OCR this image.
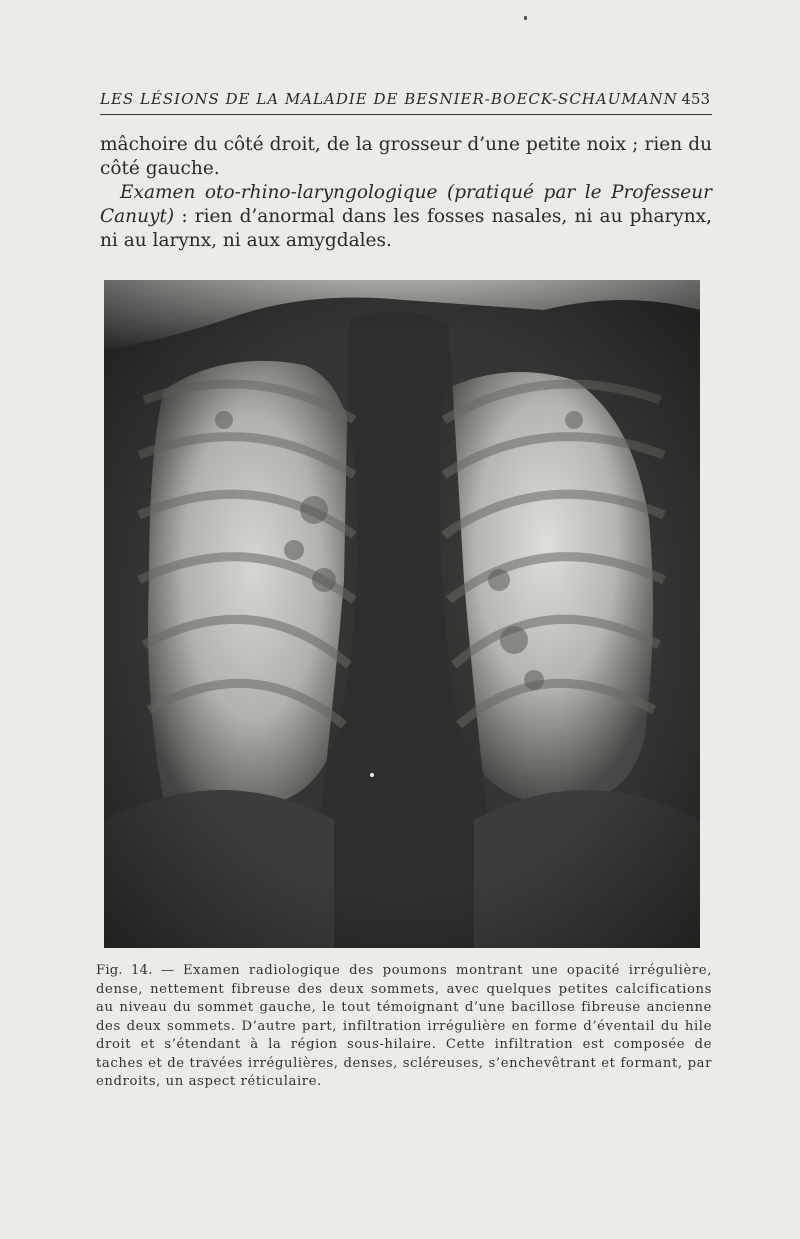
LES LÉSIONS DE LA MALADIE DE BESNIER-BOECK-SCHAUMANN 453

mâchoire du côté droit, de la grosseur d’une petite noix ; rien du côté gauche.

Examen oto-rhino-laryngologique (pratiqué par le Professeur Canuyt) : rien d’anormal dans les fosses nasales, ni au pharynx, ni au larynx, ni aux amygdales.

Fig. 14. — Examen radiologique des poumons montrant une opacité irrégulière, dense, nettement fibreuse des deux sommets, avec quelques petites calcifications au niveau du sommet gauche, le tout témoignant d’une bacillose fibreuse ancienne des deux sommets. D’autre part, infiltration irrégulière en forme d’éventail du hile droit et s’étendant à la région sous-hilaire. Cette infiltration est composée de taches et de travées irrégulières, denses, scléreuses, s’enchevêtrant et formant, par endroits, un aspect réticulaire.
